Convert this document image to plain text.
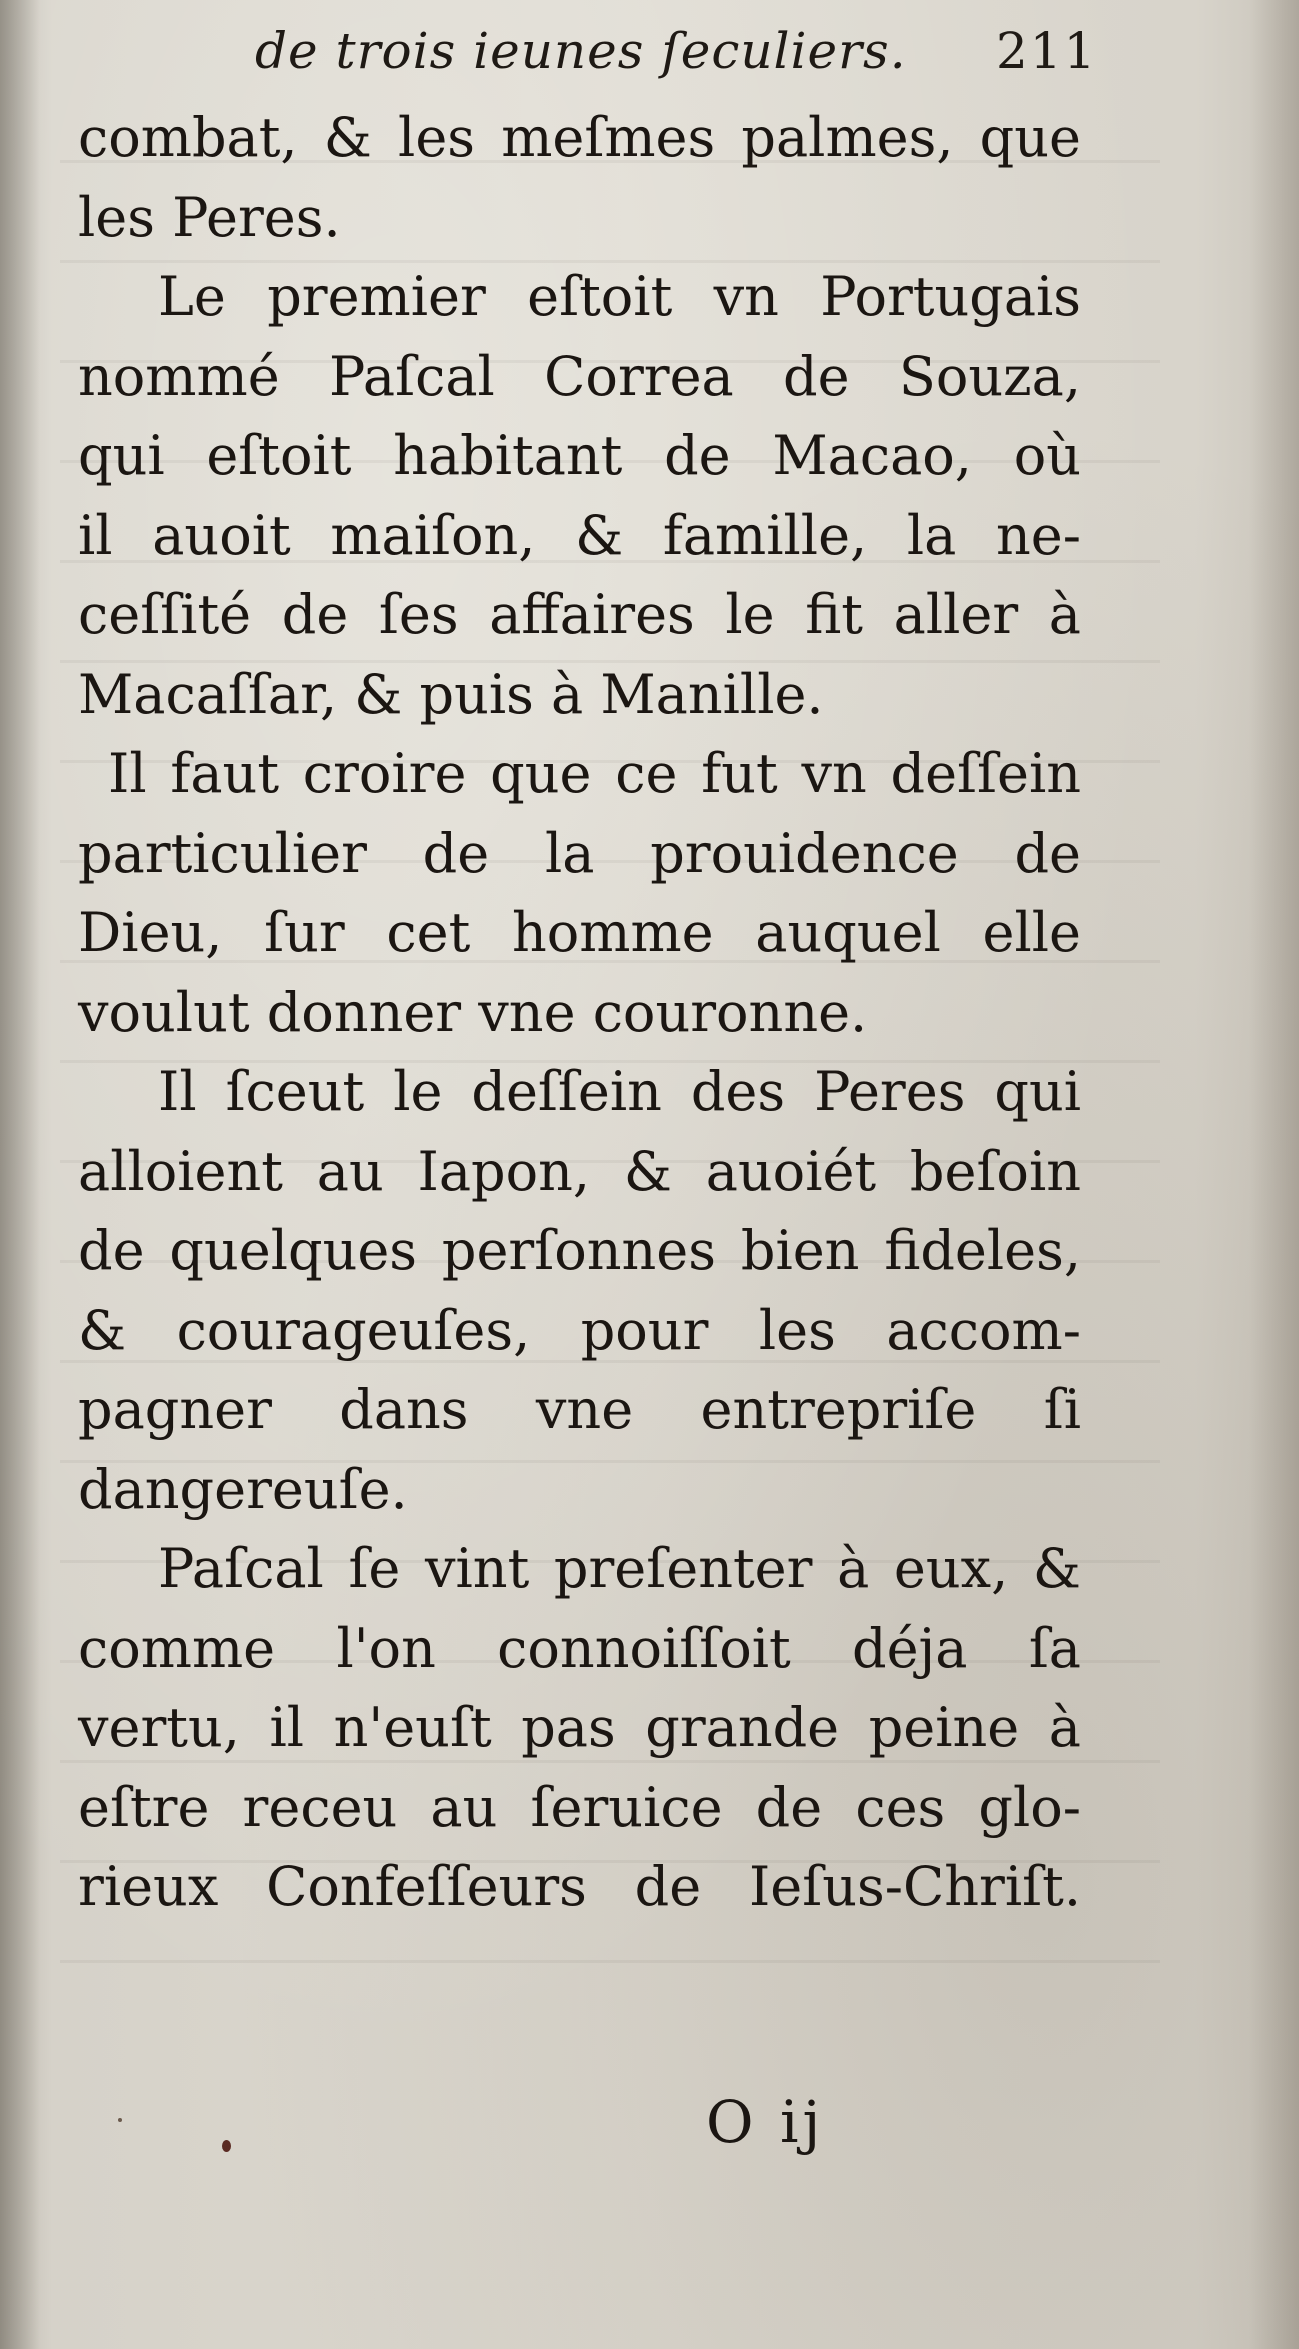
de trois ieunes ſeculiers. 211
combat, & les meſmes palmes, que
les Peres.
Le premier eſtoit vn Portugais
nommé Paſcal Correa de Souza,
qui eſtoit habitant de Macao, où
il auoit maiſon, & famille, la ne-
ceſſité de ſes affaires le fit aller à
Macaſſar, & puis à Manille.
Il faut croire que ce fut vn deſſein
particulier de la prouidence de
Dieu, ſur cet homme auquel elle
voulut donner vne couronne.
Il ſceut le deſſein des Peres qui
alloient au Iapon, & auoiét beſoin
de quelques perſonnes bien fideles,
& courageuſes, pour les accom-
pagner dans vne entrepriſe ſi
dangereuſe.
Paſcal ſe vint preſenter à eux, &
comme l'on connoiſſoit déja ſa
vertu, il n'euſt pas grande peine à
eſtre receu au ſeruice de ces glo-
rieux Confeſſeurs de Ieſus-Chriſt.
O ij
